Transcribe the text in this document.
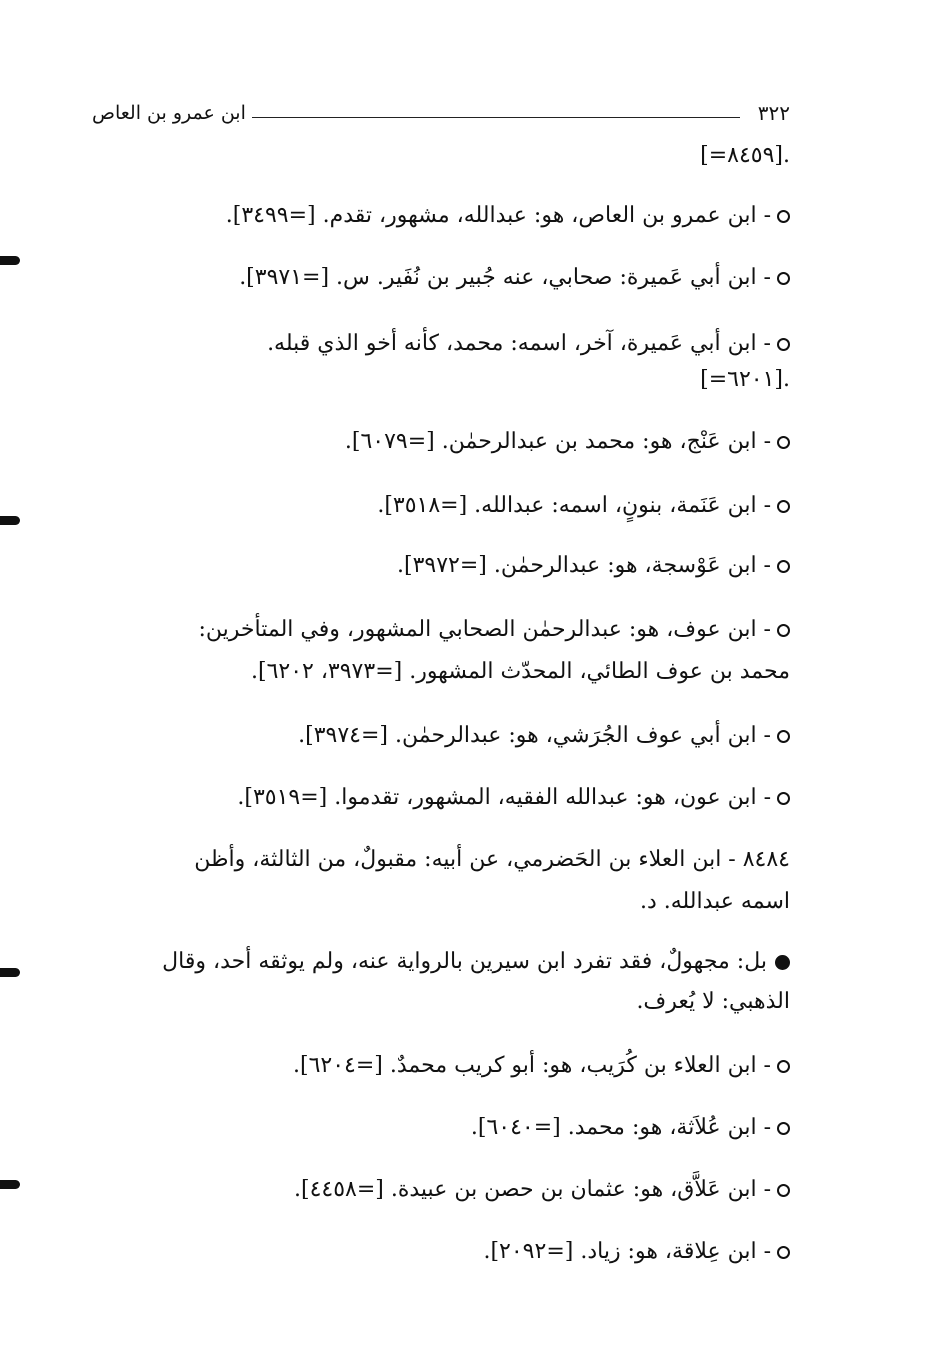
٣٢٢
ابن عمرو بن العاص
[=٨٤٥٩].
- ابن عمرو بن العاص، هو: عبدالله، مشهور، تقدم. [=٣٤٩٩].
- ابن أبي عَميرة: صحابي، عنه جُبير بن نُفَير. س. [=٣٩٧١].
- ابن أبي عَميرة، آخر، اسمه: محمد، كأنه أخو الذي قبله.
[=٦٢٠١].
- ابن عَنْج، هو: محمد بن عبدالرحمٰن. [=٦٠٧٩].
- ابن عَنَمة، بنونٍ، اسمه: عبدالله. [=٣٥١٨].
- ابن عَوْسجة، هو: عبدالرحمٰن. [=٣٩٧٢].
- ابن عوف، هو: عبدالرحمٰن الصحابي المشهور، وفي المتأخرين:
محمد بن عوف الطائي، المحدّث المشهور. [=٣٩٧٣، ٦٢٠٢].
- ابن أبي عوف الجُرَشي، هو: عبدالرحمٰن. [=٣٩٧٤].
- ابن عون، هو: عبدالله الفقيه، المشهور، تقدموا. [=٣٥١٩].
٨٤٨٤ - ابن العلاء بن الحَضرمي، عن أبيه: مقبولٌ، من الثالثة، وأظن
اسمه عبدالله. د.
بل: مجهولٌ، فقد تفرد ابن سيرين بالرواية عنه، ولم يوثقه أحد، وقال
الذهبي: لا يُعرف.
- ابن العلاء بن كُرَيب، هو: أبو كريب محمدٌ. [=٦٢٠٤].
- ابن عُلاَثة، هو: محمد. [=٦٠٤٠].
- ابن عَلاَّق، هو: عثمان بن حصن بن عبيدة. [=٤٤٥٨].
- ابن عِلاقة، هو: زياد. [=٢٠٩٢].
